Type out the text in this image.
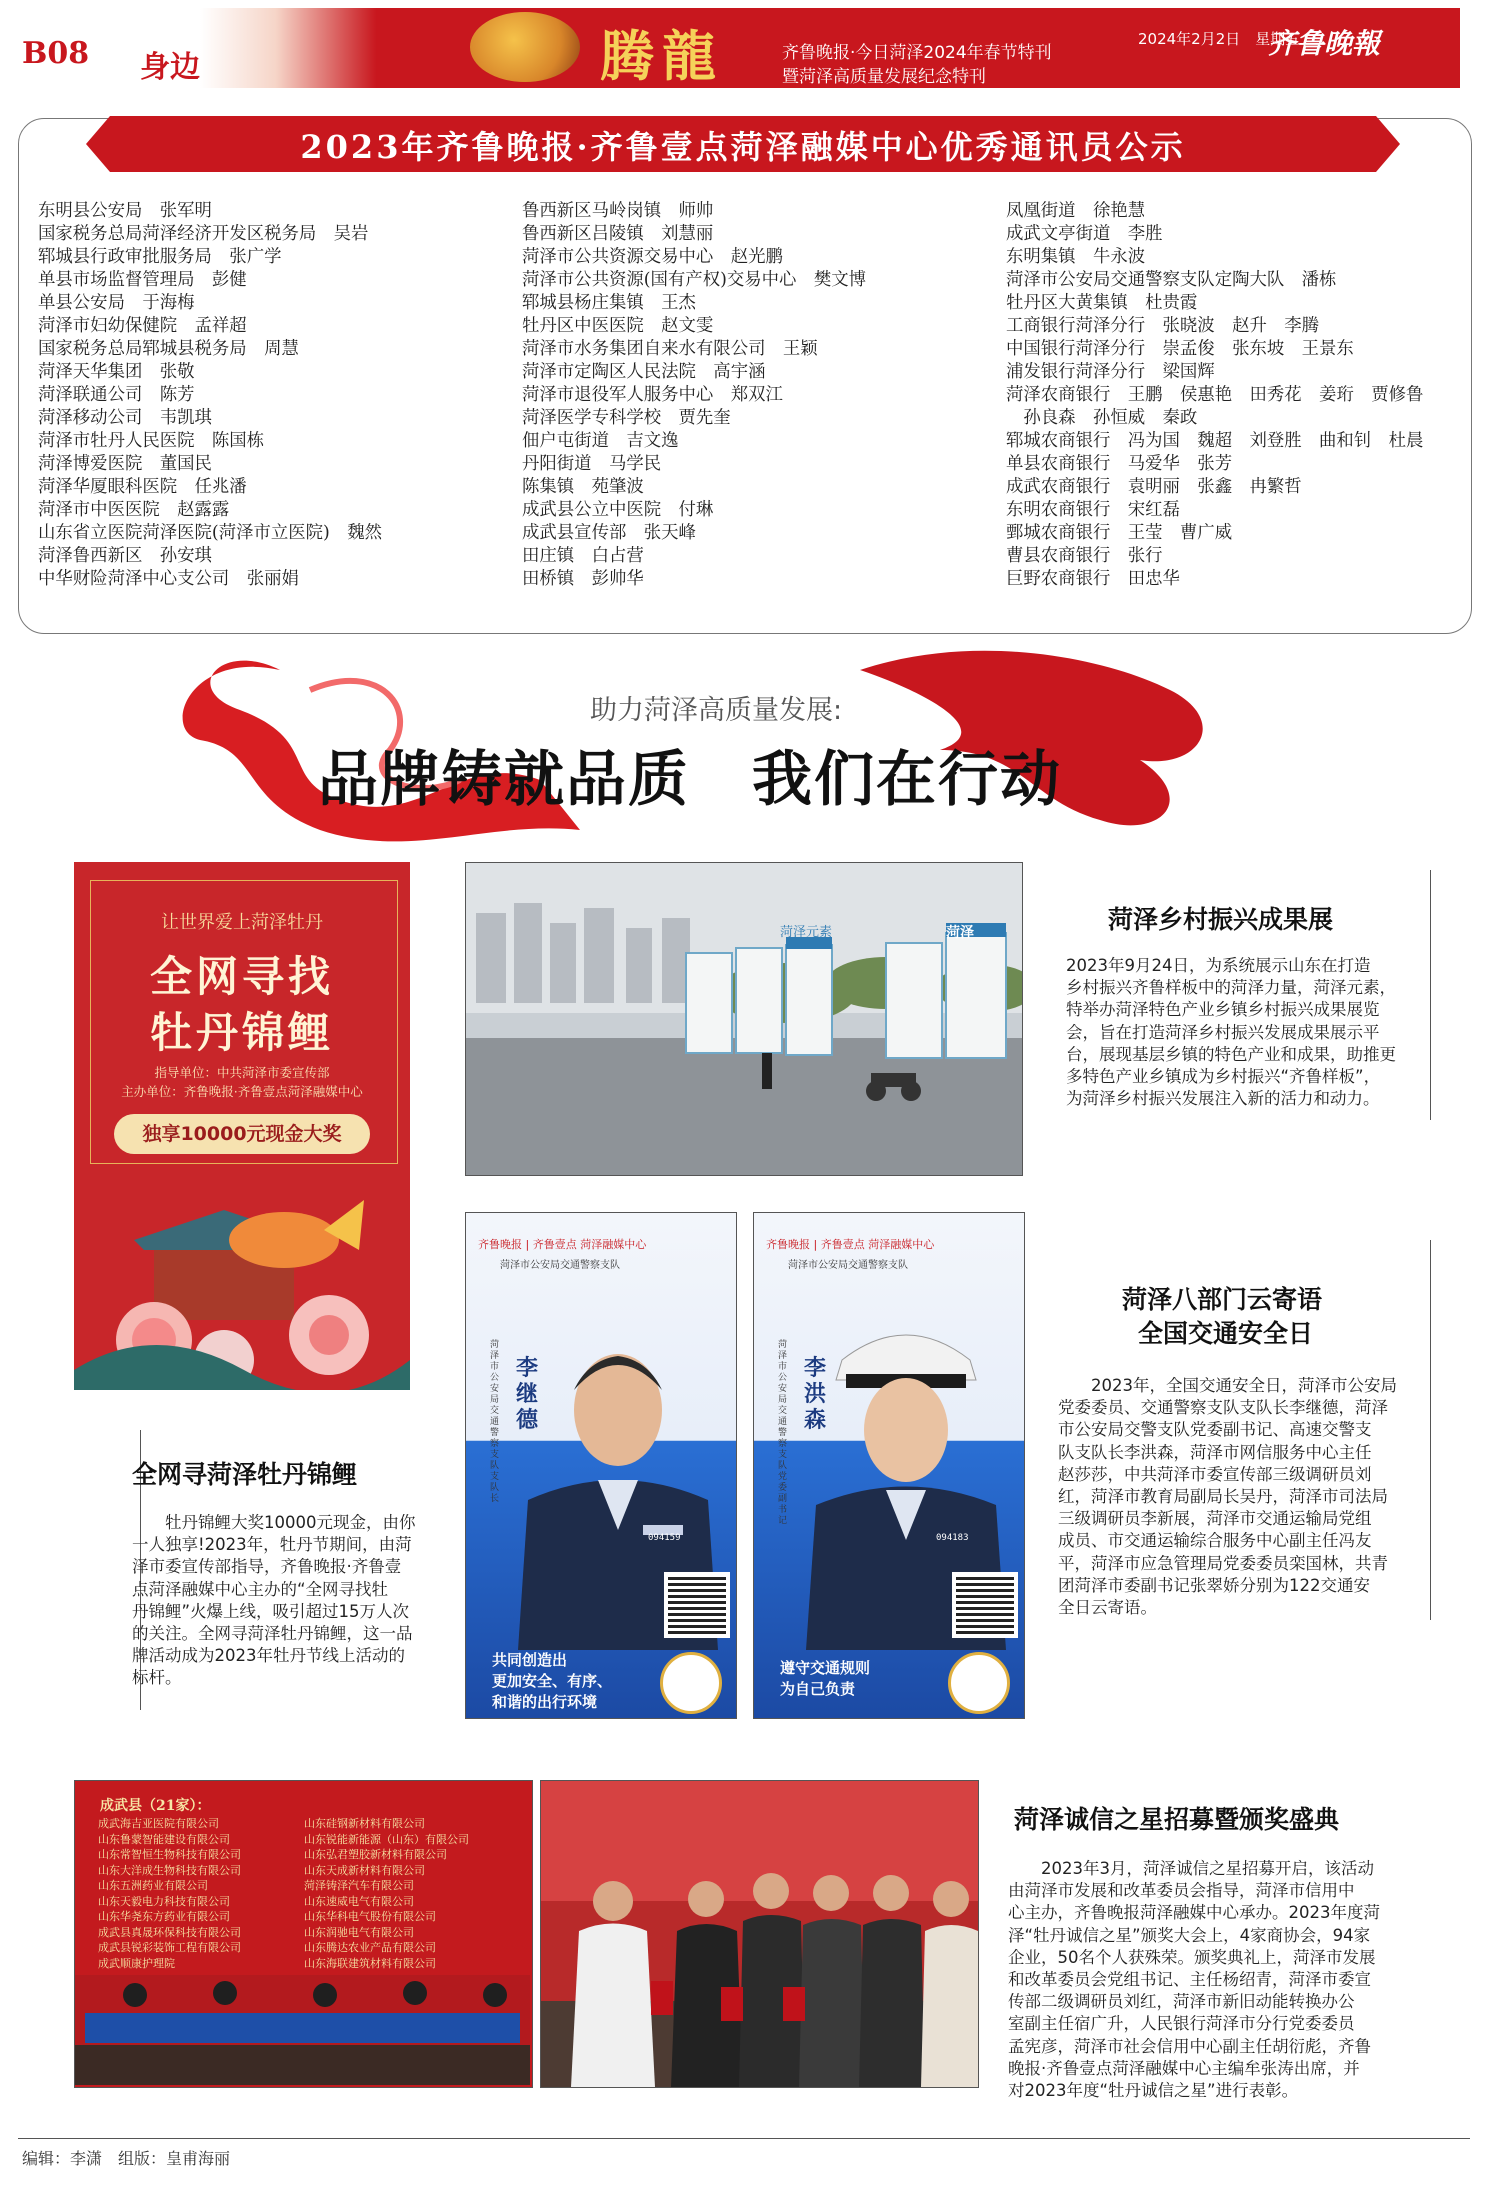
B08 身边	腾龍	齐鲁晚报·今日菏泽2024年春节特刊
暨菏泽高质量发展纪念特刊
2024年2月2日　星期五
齐鲁晚報
2023年齐鲁晚报·齐鲁壹点菏泽融媒中心优秀通讯员公示
东明县公安局　张军明
国家税务总局菏泽经济开发区税务局　吴岩
郓城县行政审批服务局　张广学
单县市场监督管理局　彭健
单县公安局　于海梅
菏泽市妇幼保健院　孟祥超
国家税务总局郓城县税务局　周慧
菏泽天华集团　张敬
菏泽联通公司　陈芳
菏泽移动公司　韦凯琪
菏泽市牡丹人民医院　陈国栋
菏泽博爱医院　董国民
菏泽华厦眼科医院　任兆潘
菏泽市中医医院　赵露露
山东省立医院菏泽医院(菏泽市立医院)　魏然
菏泽鲁西新区　孙安琪
中华财险菏泽中心支公司　张丽娟
鲁西新区马岭岗镇　师帅
鲁西新区吕陵镇　刘慧丽
菏泽市公共资源交易中心　赵光鹏
菏泽市公共资源(国有产权)交易中心　樊文博
郓城县杨庄集镇　王杰
牡丹区中医医院　赵文雯
菏泽市水务集团自来水有限公司　王颖
菏泽市定陶区人民法院　高宇涵
菏泽市退役军人服务中心　郑双江
菏泽医学专科学校　贾先奎
佃户屯街道　吉文逸
丹阳街道　马学民
陈集镇　苑肇波
成武县公立中医院　付琳
成武县宣传部　张天峰
田庄镇　白占营
田桥镇　彭帅华
凤凰街道　徐艳慧
成武文亭街道　李胜
东明集镇　牛永波
菏泽市公安局交通警察支队定陶大队　潘栋
牡丹区大黄集镇　杜贵霞
工商银行菏泽分行　张晓波　赵升　李腾
中国银行菏泽分行　崇孟俊　张东坡　王景东
浦发银行菏泽分行　梁国辉
菏泽农商银行　王鹏　侯惠艳　田秀花　姜珩　贾修鲁
　孙良森　孙恒威　秦政
郓城农商银行　冯为国　魏超　刘登胜　曲和钊　杜晨
单县农商银行　马爱华　张芳
成武农商银行　袁明丽　张鑫　冉繁哲
东明农商银行　宋红磊
鄄城农商银行　王莹　曹广威
曹县农商银行　张行
巨野农商银行　田忠华
助力菏泽高质量发展:
品牌铸就品质　我们在行动
让世界爱上菏泽牡丹
全网寻找
牡丹锦鲤
指导单位：中共菏泽市委宣传部
主办单位：齐鲁晚报·齐鲁壹点菏泽融媒中心
独享10000元现金大奖
全网寻菏泽牡丹锦鲤
　　牡丹锦鲤大奖10000元现金，由你
一人独享!2023年，牡丹节期间，由菏
泽市委宣传部指导，齐鲁晚报·齐鲁壹
点菏泽融媒中心主办的“全网寻找牡
丹锦鲤”火爆上线，吸引超过15万人次
的关注。全网寻菏泽牡丹锦鲤，这一品
牌活动成为2023年牡丹节线上活动的
标杆。
菏泽元素	菏泽	菏泽乡村振兴成果展
2023年9月24日，为系统展示山东在打造
乡村振兴齐鲁样板中的菏泽力量，菏泽元素，
特举办菏泽特色产业乡镇乡村振兴成果展览
会，旨在打造菏泽乡村振兴发展成果展示平
台，展现基层乡镇的特色产业和成果，助推更
多特色产业乡镇成为乡村振兴“齐鲁样板”，
为菏泽乡村振兴发展注入新的活力和动力。
齐鲁晚报 | 齐鲁壹点 菏泽融媒中心
菏泽市公安局交通警察支队
李继德
菏泽市公安局交通警察支队支队长
094159
共同创造出
更加安全、有序、
和谐的出行环境
齐鲁晚报 | 齐鲁壹点 菏泽融媒中心
菏泽市公安局交通警察支队
李洪森
菏泽市公安局交通警察支队党委副书记
094183
遵守交通规则
为自己负责
菏泽八部门云寄语
全国交通安全日
　　2023年，全国交通安全日，菏泽市公安局
党委委员、交通警察支队支队长李继德，菏泽
市公安局交警支队党委副书记、高速交警支
队支队长李洪森，菏泽市网信服务中心主任
赵莎莎，中共菏泽市委宣传部三级调研员刘
红，菏泽市教育局副局长吴丹，菏泽市司法局
三级调研员李新展，菏泽市交通运输局党组
成员、市交通运输综合服务中心副主任冯友
平，菏泽市应急管理局党委委员栾国林，共青
团菏泽市委副书记张翠娇分别为122交通安
全日云寄语。
成武县（21家）：
成武海吉亚医院有限公司
山东鲁蒙智能建设有限公司
山东常智恒生物科技有限公司
山东大洋成生物科技有限公司
山东五洲药业有限公司
山东天毅电力科技有限公司
山东华尧东方药业有限公司
成武县真晟环保科技有限公司
成武县锐彩装饰工程有限公司
成武顺康护理院
山东硅钢新材料有限公司
山东锐能新能源（山东）有限公司
山东弘君塑胶新材料有限公司
山东天成新材料有限公司
菏泽铸泽汽车有限公司
山东速威电气有限公司
山东华科电气股份有限公司
山东润驰电气有限公司
山东腾达农业产品有限公司
山东海联建筑材料有限公司
菏泽诚信之星招募暨颁奖盛典
　　2023年3月，菏泽诚信之星招募开启，该活动
由菏泽市发展和改革委员会指导，菏泽市信用中
心主办，齐鲁晚报菏泽融媒中心承办。2023年度菏
泽“牡丹诚信之星”颁奖大会上，4家商协会，94家
企业，50名个人获殊荣。颁奖典礼上，菏泽市发展
和改革委员会党组书记、主任杨绍青，菏泽市委宣
传部二级调研员刘红，菏泽市新旧动能转换办公
室副主任宿广升，人民银行菏泽市分行党委委员
孟宪彦，菏泽市社会信用中心副主任胡衍彪，齐鲁
晚报·齐鲁壹点菏泽融媒中心主编牟张涛出席，并
对2023年度“牡丹诚信之星”进行表彰。
编辑：李潇　组版：皇甫海丽
